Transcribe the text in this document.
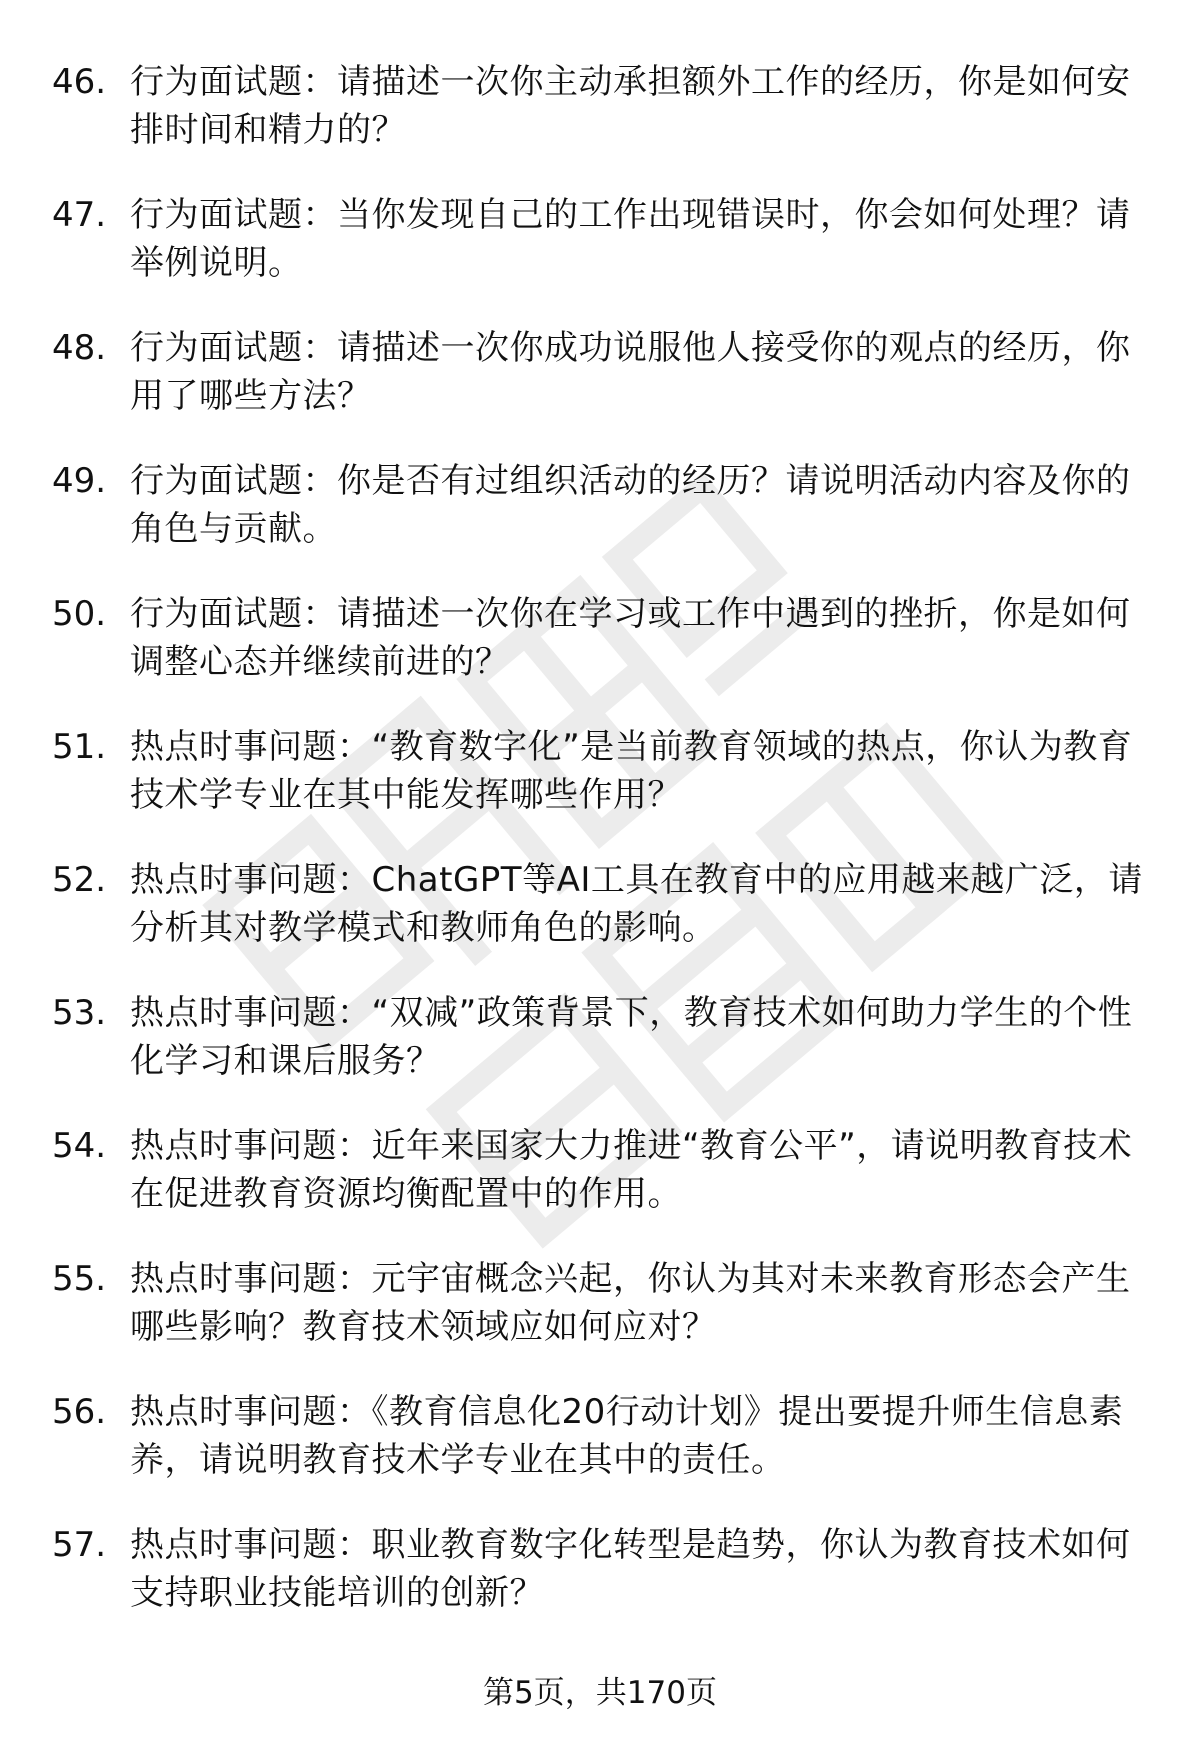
46. 行为面试题：请描述一次你主动承担额外工作的经历，你是如何安排时间和精力的？
47. 行为面试题：当你发现自己的工作出现错误时，你会如何处理？请举例说明。
48. 行为面试题：请描述一次你成功说服他人接受你的观点的经历，你用了哪些方法？
49. 行为面试题：你是否有过组织活动的经历？请说明活动内容及你的角色与贡献。
50. 行为面试题：请描述一次你在学习或工作中遇到的挫折，你是如何调整心态并继续前进的？
51. 热点时事问题：“教育数字化”是当前教育领域的热点，你认为教育技术学专业在其中能发挥哪些作用？
52. 热点时事问题：ChatGPT等AI工具在教育中的应用越来越广泛，请分析其对教学模式和教师角色的影响。
53. 热点时事问题：“双减”政策背景下，教育技术如何助力学生的个性化学习和课后服务？
54. 热点时事问题：近年来国家大力推进“教育公平”，请说明教育技术在促进教育资源均衡配置中的作用。
55. 热点时事问题：元宇宙概念兴起，你认为其对未来教育形态会产生哪些影响？教育技术领域应如何应对？
56. 热点时事问题：《教育信息化20行动计划》提出要提升师生信息素养，请说明教育技术学专业在其中的责任。
57. 热点时事问题：职业教育数字化转型是趋势，你认为教育技术如何支持职业技能培训的创新？
第5页，共170页
